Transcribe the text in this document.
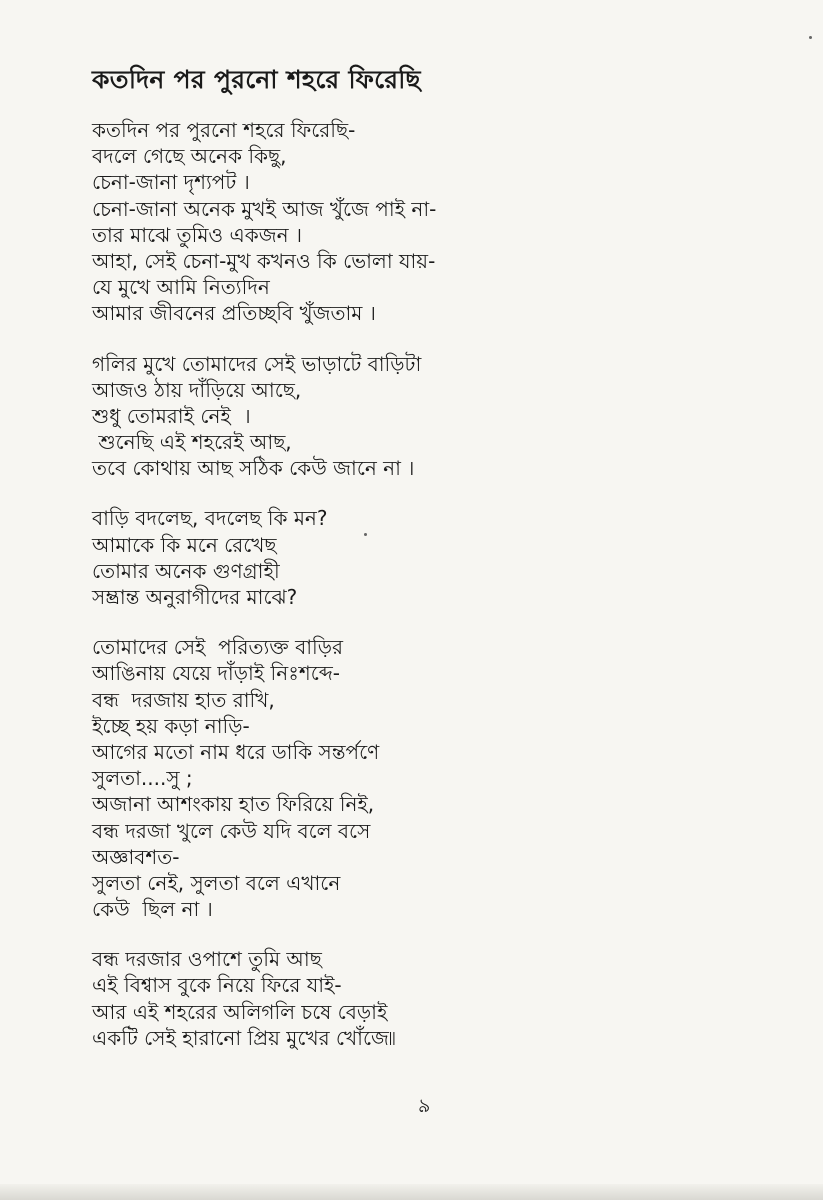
কতদিন পর পুরনো শহরে ফিরেছি
কতদিন পর পুরনো শহরে ফিরেছি-
বদলে গেছে অনেক কিছু,
চেনা-জানা দৃশ্যপট ।
চেনা-জানা অনেক মুখই আজ খুঁজে পাই না-
তার মাঝে তুমিও একজন ।
আহা, সেই চেনা-মুখ কখনও কি ভোলা যায়-
যে মুখে আমি নিত্যদিন
আমার জীবনের প্রতিচ্ছবি খুঁজতাম ।
গলির মুখে তোমাদের সেই ভাড়াটে বাড়িটা
আজও ঠায় দাঁড়িয়ে আছে,
শুধু তোমরাই নেই  ।
শুনেছি এই শহরেই আছ,
তবে কোথায় আছ সঠিক কেউ জানে না ।
বাড়ি বদলেছ, বদলেছ কি মন?
আমাকে কি মনে রেখেছ
তোমার অনেক গুণগ্রাহী
সম্ভ্রান্ত অনুরাগীদের মাঝে?
তোমাদের সেই  পরিত্যক্ত বাড়ির
আঙিনায় যেয়ে দাঁড়াই নিঃশব্দে-
বন্ধ  দরজায় হাত রাখি,
ইচ্ছে হয় কড়া নাড়ি-
আগের মতো নাম ধরে ডাকি সন্তর্পণে
সুলতা....সু ;
অজানা আশংকায় হাত ফিরিয়ে নিই,
বন্ধ দরজা খুলে কেউ যদি বলে বসে
অজ্ঞাবশত-
সুলতা নেই, সুলতা বলে এখানে
কেউ  ছিল না ।
বন্ধ দরজার ওপাশে তুমি আছ
এই বিশ্বাস বুকে নিয়ে ফিরে যাই-
আর এই শহরের অলিগলি চষে বেড়াই
একটি সেই হারানো প্রিয় মুখের খোঁজে৷৷
৯
